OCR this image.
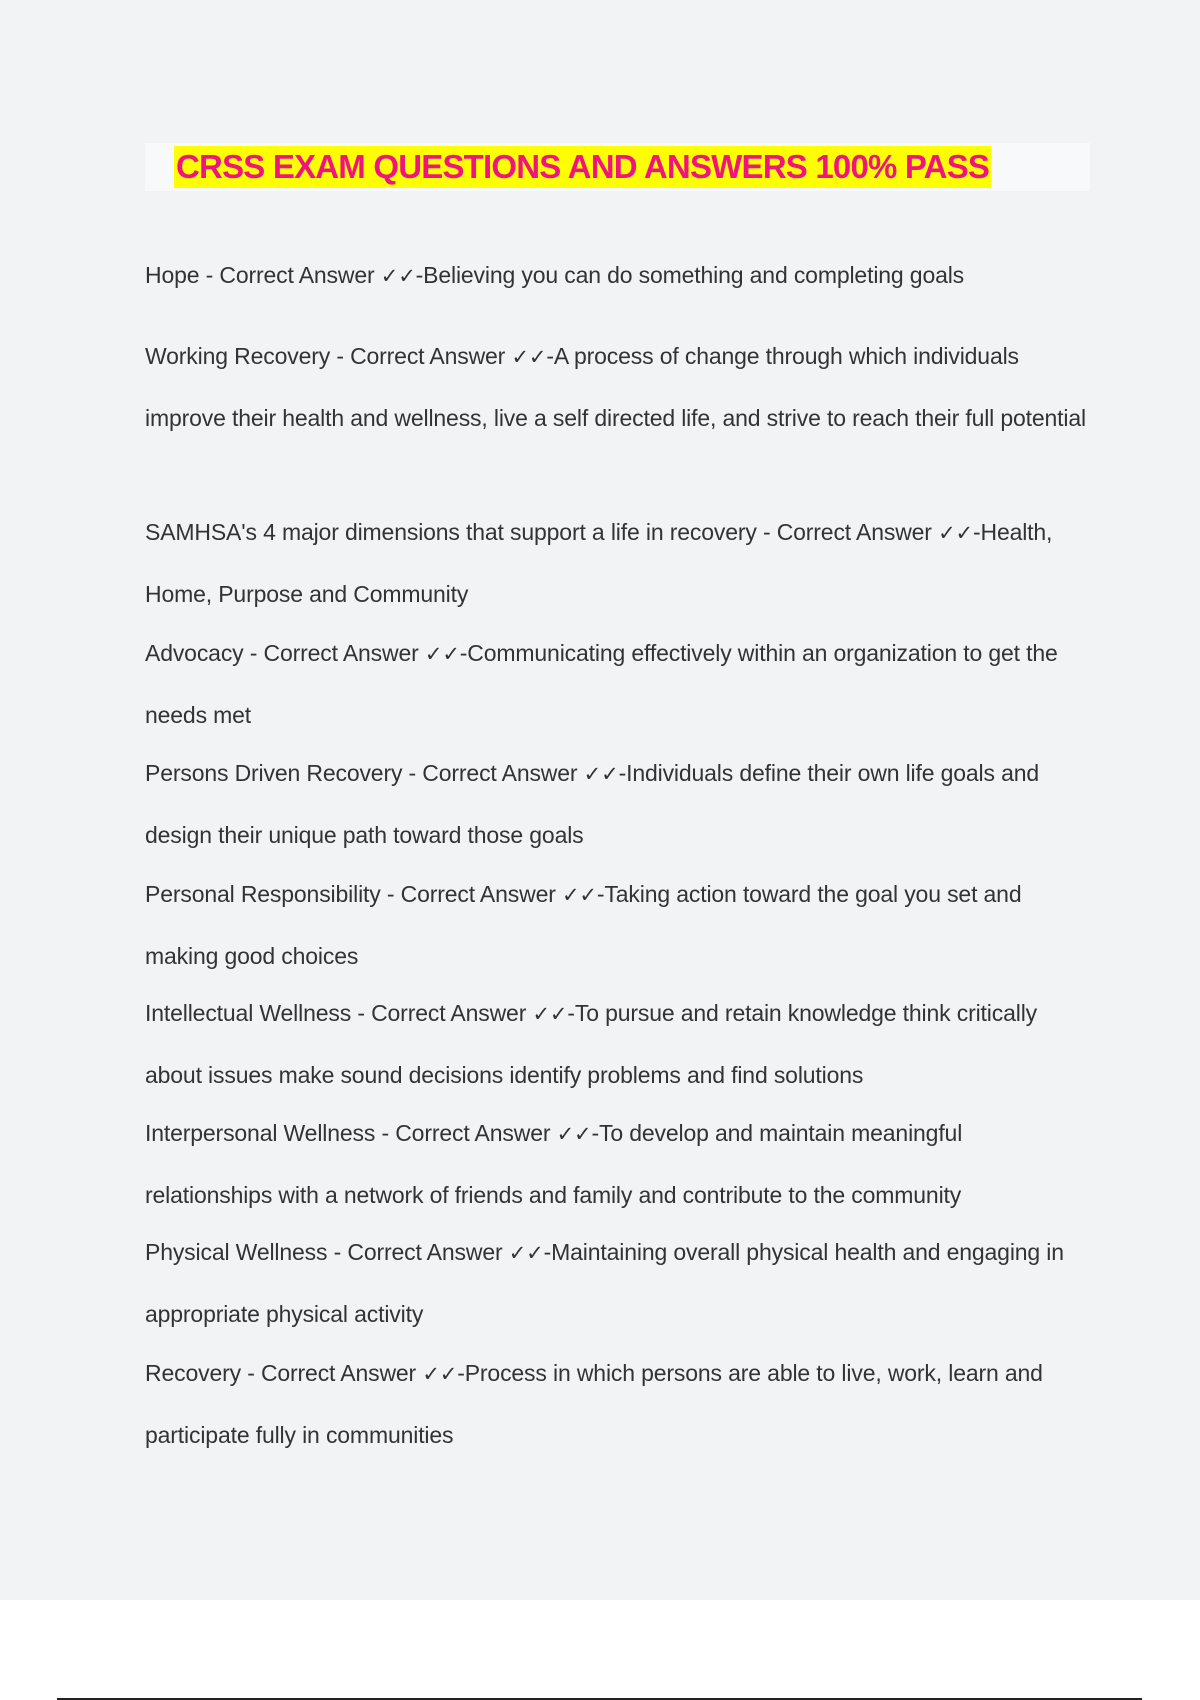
CRSS EXAM QUESTIONS AND ANSWERS 100% PASS
Hope - Correct Answer ✓✓-Believing you can do something and completing goals
Working Recovery - Correct Answer ✓✓-A process of change through which individuals improve their health and wellness, live a self directed life, and strive to reach their full potential
SAMHSA's 4 major dimensions that support a life in recovery - Correct Answer ✓✓-Health, Home, Purpose and Community
Advocacy - Correct Answer ✓✓-Communicating effectively within an organization to get the needs met
Persons Driven Recovery - Correct Answer ✓✓-Individuals define their own life goals and design their unique path toward those goals
Personal Responsibility - Correct Answer ✓✓-Taking action toward the goal you set and making good choices
Intellectual Wellness - Correct Answer ✓✓-To pursue and retain knowledge think critically about issues make sound decisions identify problems and find solutions
Interpersonal Wellness - Correct Answer ✓✓-To develop and maintain meaningful relationships with a network of friends and family and contribute to the community
Physical Wellness - Correct Answer ✓✓-Maintaining overall physical health and engaging in appropriate physical activity
Recovery - Correct Answer ✓✓-Process in which persons are able to live, work, learn and participate fully in communities
